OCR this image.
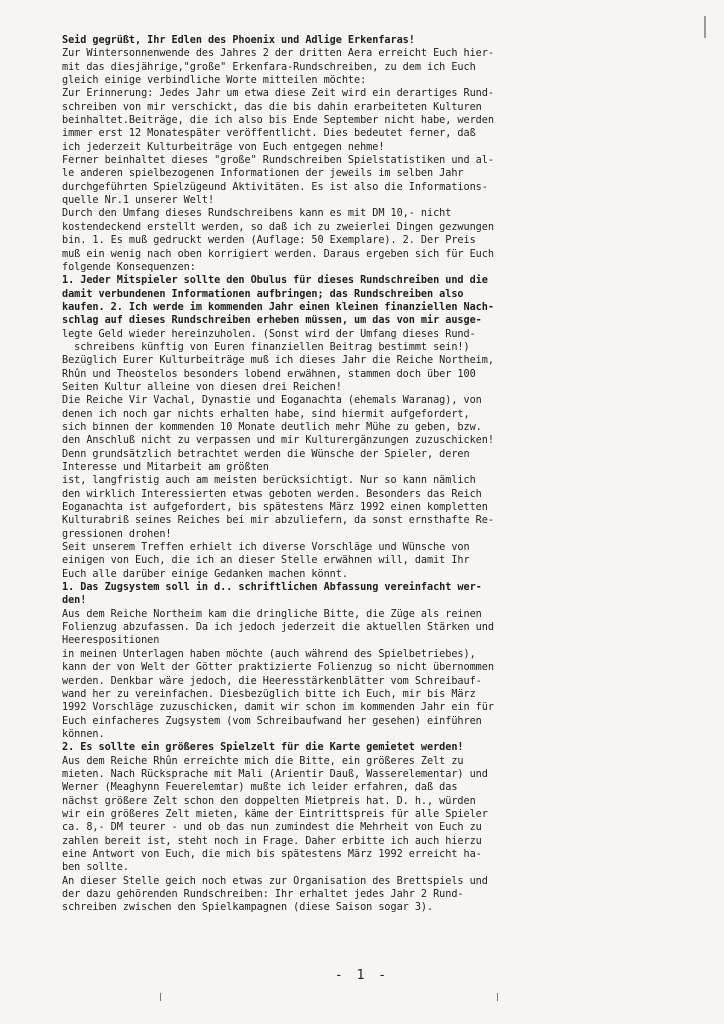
Seid gegrüßt, Ihr Edlen des Phoenix und Adlige Erkenfaras!
Zur Wintersonnenwende des Jahres 2 der dritten Aera erreicht Euch hier-
mit das diesjährige,"große" Erkenfara-Rundschreiben, zu dem ich Euch
gleich einige verbindliche Worte mitteilen möchte:
Zur Erinnerung: Jedes Jahr um etwa diese Zeit wird ein derartiges Rund-
schreiben von mir verschickt, das die bis dahin erarbeiteten Kulturen
beinhaltet.Beiträge, die ich also bis Ende September nicht habe, werden
immer erst 12 Monatespäter veröffentlicht. Dies bedeutet ferner, daß
ich jederzeit Kulturbeiträge von Euch entgegen nehme!
Ferner beinhaltet dieses "große" Rundschreiben Spielstatistiken und al-
le anderen spielbezogenen Informationen der jeweils im selben Jahr
durchgeführten Spielzügeund Aktivitäten. Es ist also die Informations-
quelle Nr.1 unserer Welt!
Durch den Umfang dieses Rundschreibens kann es mit DM 10,- nicht
kostendeckend erstellt werden, so daß ich zu zweierlei Dingen gezwungen
bin. 1. Es muß gedruckt werden (Auflage: 50 Exemplare). 2. Der Preis
muß ein wenig nach oben korrigiert werden. Daraus ergeben sich für Euch
folgende Konsequenzen:
1. Jeder Mitspieler sollte den Obulus für dieses Rundschreiben und die
damit verbundenen Informationen aufbringen; das Rundschreiben also
kaufen. 2. Ich werde im kommenden Jahr einen kleinen finanziellen Nach-
schlag auf dieses Rundschreiben erheben müssen, um das von mir ausge-
legte Geld wieder hereinzuholen. (Sonst wird der Umfang dieses Rund-
schreibens künftig von Euren finanziellen Beitrag bestimmt sein!)
Bezüglich Eurer Kulturbeiträge muß ich dieses Jahr die Reiche Northeim,
Rhûn und Theostelos besonders lobend erwähnen, stammen doch über 100
Seiten Kultur alleine von diesen drei Reichen!
Die Reiche Vir Vachal, Dynastie und Eoganachta (ehemals Waranag), von
denen ich noch gar nichts erhalten habe, sind hiermit aufgefordert,
sich binnen der kommenden 10 Monate deutlich mehr Mühe zu geben, bzw.
den Anschluß nicht zu verpassen und mir Kulturergänzungen zuzuschicken!
Denn grundsätzlich betrachtet werden die Wünsche der Spieler, deren
Interesse und Mitarbeit am größten
ist, langfristig auch am meisten berücksichtigt. Nur so kann nämlich
den wirklich Interessierten etwas geboten werden. Besonders das Reich
Eoganachta ist aufgefordert, bis spätestens März 1992 einen kompletten
Kulturabriß seines Reiches bei mir abzuliefern, da sonst ernsthafte Re-
gressionen drohen!
Seit unserem Treffen erhielt ich diverse Vorschläge und Wünsche von
einigen von Euch, die ich an dieser Stelle erwähnen will, damit Ihr
Euch alle darüber einige Gedanken machen könnt.
1. Das Zugsystem soll in d.. schriftlichen Abfassung vereinfacht wer-
den!
Aus dem Reiche Northeim kam die dringliche Bitte, die Züge als reinen
Folienzug abzufassen. Da ich jedoch jederzeit die aktuellen Stärken und
Heerespositionen
in meinen Unterlagen haben möchte (auch während des Spielbetriebes),
kann der von Welt der Götter praktizierte Folienzug so nicht übernommen
werden. Denkbar wäre jedoch, die Heeresstärkenblätter vom Schreibauf-
wand her zu vereinfachen. Diesbezüglich bitte ich Euch, mir bis März
1992 Vorschläge zuzuschicken, damit wir schon im kommenden Jahr ein für
Euch einfacheres Zugsystem (vom Schreibaufwand her gesehen) einführen
können.
2. Es sollte ein größeres Spielzelt für die Karte gemietet werden!
Aus dem Reiche Rhûn erreichte mich die Bitte, ein größeres Zelt zu
mieten. Nach Rücksprache mit Mali (Arientir Dauß, Wasserelementar) und
Werner (Meaghynn Feuerelemtar) mußte ich leider erfahren, daß das
nächst größere Zelt schon den doppelten Mietpreis hat. D. h., würden
wir ein größeres Zelt mieten, käme der Eintrittspreis für alle Spieler
ca. 8,- DM teurer - und ob das nun zumindest die Mehrheit von Euch zu
zahlen bereit ist, steht noch in Frage. Daher erbitte ich auch hierzu
eine Antwort von Euch, die mich bis spätestens März 1992 erreicht ha-
ben sollte.
An dieser Stelle geich noch etwas zur Organisation des Brettspiels und
der dazu gehörenden Rundschreiben: Ihr erhaltet jedes Jahr 2 Rund-
schreiben zwischen den Spielkampagnen (diese Saison sogar 3).
- 1 -
